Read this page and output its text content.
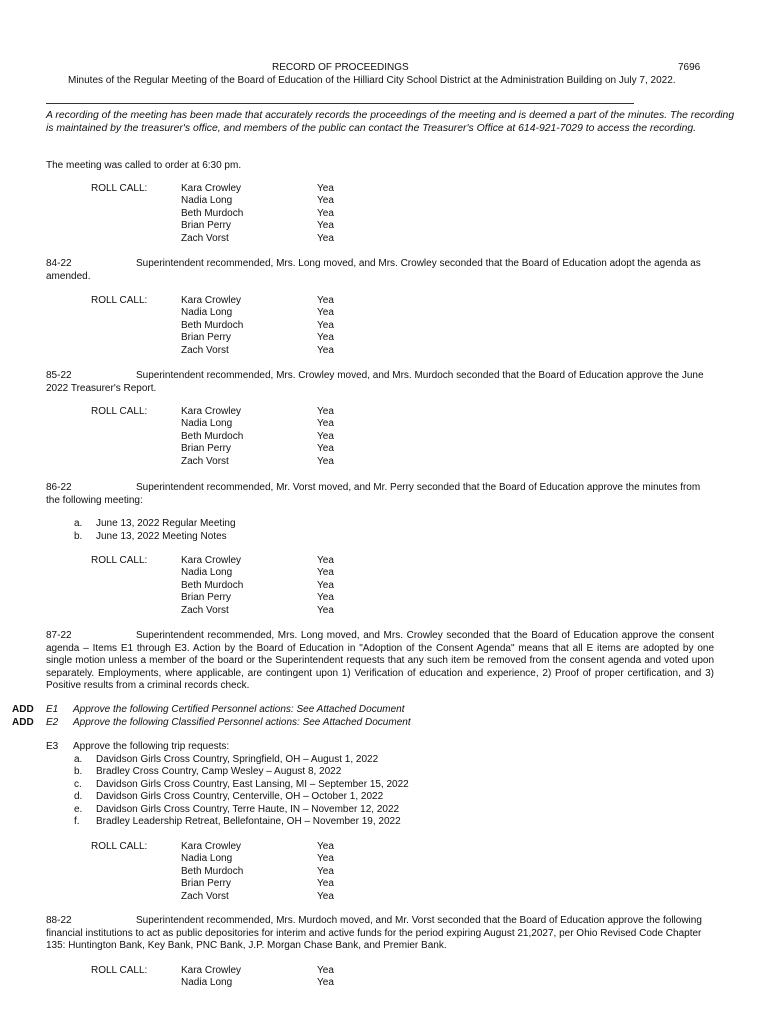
RECORD OF PROCEEDINGS	7696
Minutes of the Regular Meeting of the Board of Education of the Hilliard City School District at the Administration Building on July 7, 2022.
A recording of the meeting has been made that accurately records the proceedings of the meeting and is deemed a part of the minutes. The recording is maintained by the treasurer's office, and members of the public can contact the Treasurer's Office at 614-921-7029 to access the recording.
The meeting was called to order at 6:30 pm.
ROLL CALL:	Kara Crowley	Yea
Nadia Long	Yea
Beth Murdoch	Yea
Brian Perry	Yea
Zach Vorst	Yea
84-22	Superintendent recommended, Mrs. Long moved, and Mrs. Crowley seconded that the Board of Education adopt the agenda as amended.
ROLL CALL:	Kara Crowley	Yea
Nadia Long	Yea
Beth Murdoch	Yea
Brian Perry	Yea
Zach Vorst	Yea
85-22	Superintendent recommended, Mrs. Crowley moved, and Mrs. Murdoch seconded that the Board of Education approve the June 2022 Treasurer's Report.
ROLL CALL:	Kara Crowley	Yea
Nadia Long	Yea
Beth Murdoch	Yea
Brian Perry	Yea
Zach Vorst	Yea
86-22	Superintendent recommended, Mr. Vorst moved, and Mr. Perry seconded that the Board of Education approve the minutes from the following meeting:
a. June 13, 2022 Regular Meeting
b. June 13, 2022 Meeting Notes
ROLL CALL:	Kara Crowley	Yea
Nadia Long	Yea
Beth Murdoch	Yea
Brian Perry	Yea
Zach Vorst	Yea
87-22	Superintendent recommended, Mrs. Long moved, and Mrs. Crowley seconded that the Board of Education approve the consent agenda – Items E1 through E3. Action by the Board of Education in "Adoption of the Consent Agenda" means that all E items are adopted by one single motion unless a member of the board or the Superintendent requests that any such item be removed from the consent agenda and voted upon separately. Employments, where applicable, are contingent upon 1) Verification of education and experience, 2) Proof of proper certification, and 3) Positive results from a criminal records check.
ADD E1 Approve the following Certified Personnel actions: See Attached Document
ADD E2 Approve the following Classified Personnel actions: See Attached Document
E3 Approve the following trip requests:
a. Davidson Girls Cross Country, Springfield, OH – August 1, 2022
b. Bradley Cross Country, Camp Wesley – August 8, 2022
c. Davidson Girls Cross Country, East Lansing, MI – September 15, 2022
d. Davidson Girls Cross Country, Centerville, OH – October 1, 2022
e. Davidson Girls Cross Country, Terre Haute, IN – November 12, 2022
f. Bradley Leadership Retreat, Bellefontaine, OH – November 19, 2022
ROLL CALL:	Kara Crowley	Yea
Nadia Long	Yea
Beth Murdoch	Yea
Brian Perry	Yea
Zach Vorst	Yea
88-22	Superintendent recommended, Mrs. Murdoch moved, and Mr. Vorst seconded that the Board of Education approve the following financial institutions to act as public depositories for interim and active funds for the period expiring August 21,2027, per Ohio Revised Code Chapter 135: Huntington Bank, Key Bank, PNC Bank, J.P. Morgan Chase Bank, and Premier Bank.
ROLL CALL:	Kara Crowley	Yea
Nadia Long	Yea
